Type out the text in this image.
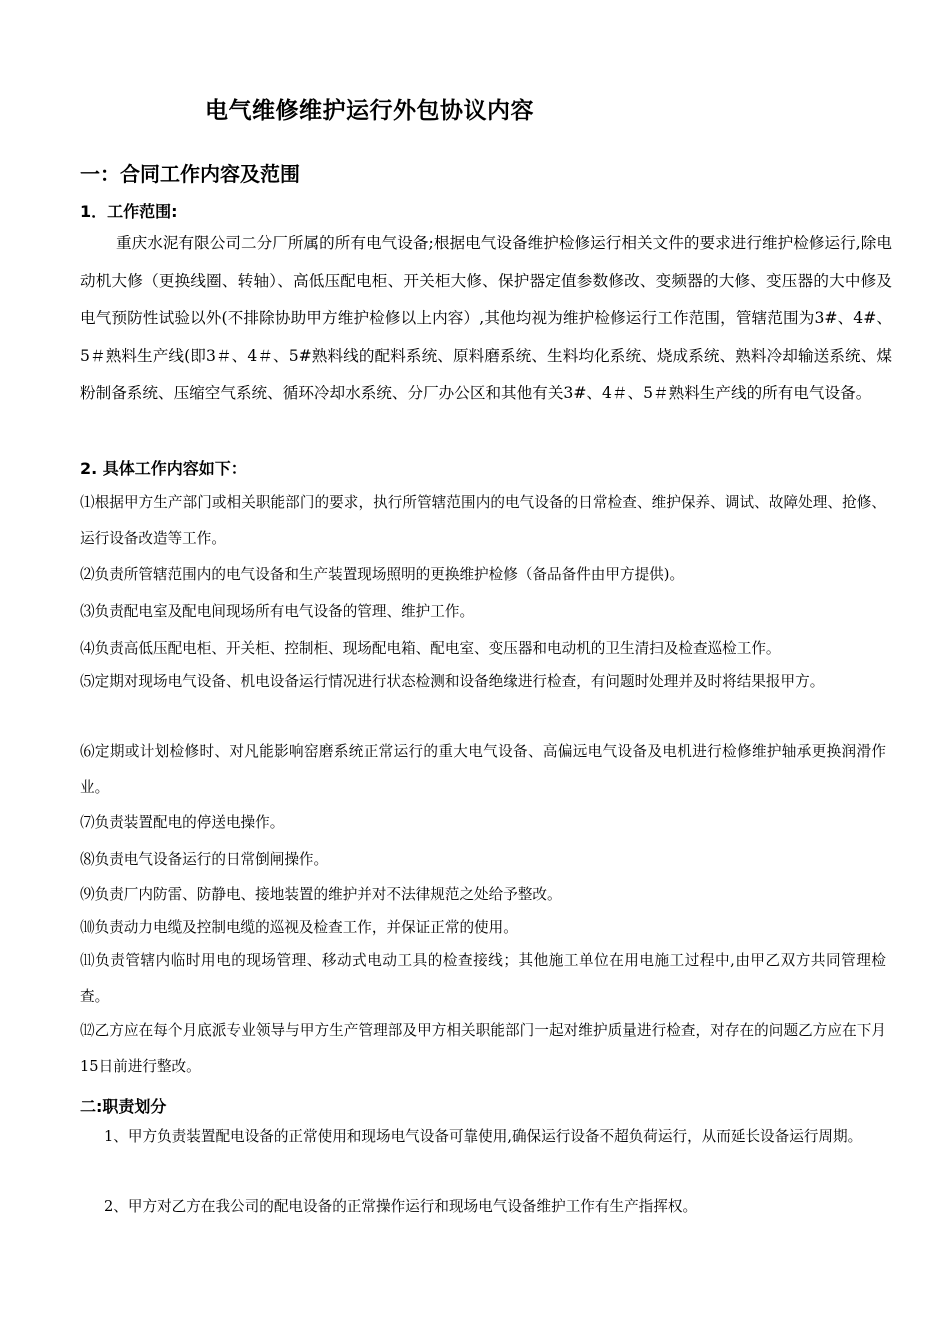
电气维修维护运行外包协议内容
一：合同工作内容及范围
1．工作范围:
重庆水泥有限公司二分厂所属的所有电气设备;根据电气设备维护检修运行相关文件的要求进行维护检修运行,除电动机大修（更换线圈、转轴）、高低压配电柜、开关柜大修、保护器定值参数修改、变频器的大修、变压器的大中修及电气预防性试验以外(不排除协助甲方维护检修以上内容）,其他均视为维护检修运行工作范围，管辖范围为3#、4#、5＃熟料生产线(即3＃、4＃、5#熟料线的配料系统、原料磨系统、生料均化系统、烧成系统、熟料冷却输送系统、煤粉制备系统、压缩空气系统、循环冷却水系统、分厂办公区和其他有关3#、4＃、5＃熟料生产线的所有电气设备。
2. 具体工作内容如下：
⑴根据甲方生产部门或相关职能部门的要求，执行所管辖范围内的电气设备的日常检查、维护保养、调试、故障处理、抢修、运行设备改造等工作。
⑵负责所管辖范围内的电气设备和生产装置现场照明的更换维护检修（备品备件由甲方提供)。
⑶负责配电室及配电间现场所有电气设备的管理、维护工作。
⑷负责高低压配电柜、开关柜、控制柜、现场配电箱、配电室、变压器和电动机的卫生清扫及检查巡检工作。
⑸定期对现场电气设备、机电设备运行情况进行状态检测和设备绝缘进行检查，有问题时处理并及时将结果报甲方。
⑹定期或计划检修时、对凡能影响窑磨系统正常运行的重大电气设备、高偏远电气设备及电机进行检修维护轴承更换润滑作业。
⑺负责装置配电的停送电操作。
⑻负责电气设备运行的日常倒闸操作。
⑼负责厂内防雷、防静电、接地装置的维护并对不法律规范之处给予整改。
⑽负责动力电缆及控制电缆的巡视及检查工作，并保证正常的使用。
⑾负责管辖内临时用电的现场管理、移动式电动工具的检查接线；其他施工单位在用电施工过程中,由甲乙双方共同管理检查。
⑿乙方应在每个月底派专业领导与甲方生产管理部及甲方相关职能部门一起对维护质量进行检查，对存在的问题乙方应在下月15日前进行整改。
二:职责划分
1、甲方负责装置配电设备的正常使用和现场电气设备可靠使用,确保运行设备不超负荷运行，从而延长设备运行周期。
2、甲方对乙方在我公司的配电设备的正常操作运行和现场电气设备维护工作有生产指挥权。
